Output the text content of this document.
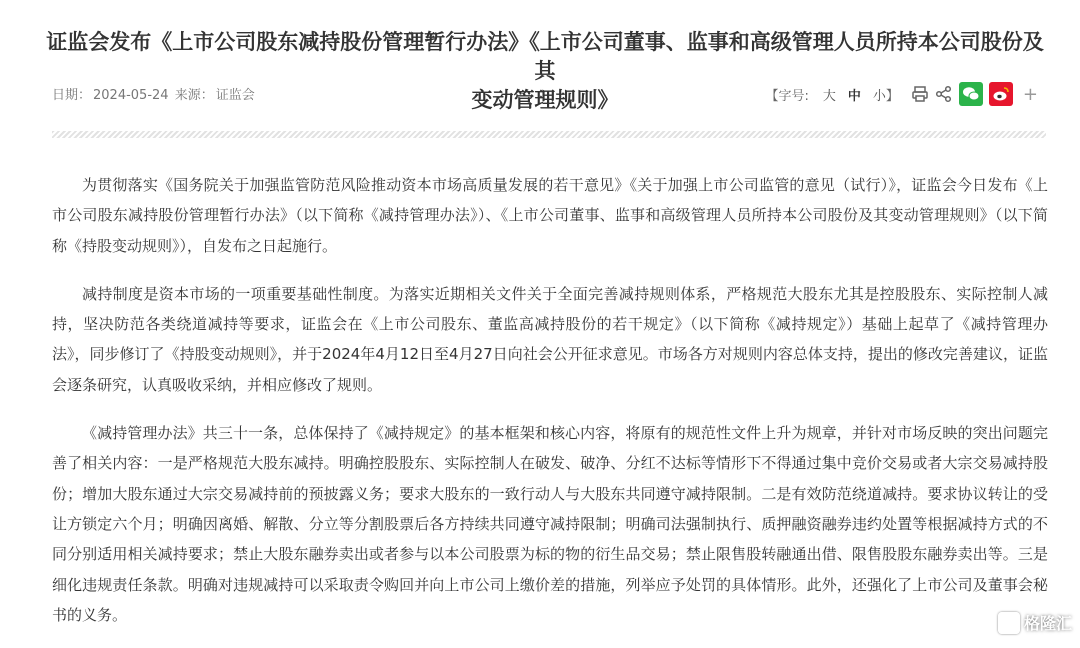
证监会发布《上市公司股东减持股份管理暂行办法》《上市公司董事、监事和高级管理人员所持本公司股份及其
变动管理规则》
日期： 2024-05-24 来源： 证监会	【字号: 大 中 小 】	+

为贯彻落实《国务院关于加强监管防范风险推动资本市场高质量发展的若干意见》《关于加强上市公司监管的意见（试行）》，证监会今日发布《上市公司股东减持股份管理暂行办法》（以下简称《减持管理办法》）、《上市公司董事、监事和高级管理人员所持本公司股份及其变动管理规则》（以下简称《持股变动规则》），自发布之日起施行。

减持制度是资本市场的一项重要基础性制度。为落实近期相关文件关于全面完善减持规则体系，严格规范大股东尤其是控股股东、实际控制人减持，坚决防范各类绕道减持等要求，证监会在《上市公司股东、董监高减持股份的若干规定》（以下简称《减持规定》）基础上起草了《减持管理办法》，同步修订了《持股变动规则》，并于2024年4月12日至4月27日向社会公开征求意见。市场各方对规则内容总体支持，提出的修改完善建议，证监会逐条研究，认真吸收采纳，并相应修改了规则。

《减持管理办法》共三十一条，总体保持了《减持规定》的基本框架和核心内容，将原有的规范性文件上升为规章，并针对市场反映的突出问题完善了相关内容：一是严格规范大股东减持。明确控股股东、实际控制人在破发、破净、分红不达标等情形下不得通过集中竞价交易或者大宗交易减持股份；增加大股东通过大宗交易减持前的预披露义务；要求大股东的一致行动人与大股东共同遵守减持限制。二是有效防范绕道减持。要求协议转让的受让方锁定六个月；明确因离婚、解散、分立等分割股票后各方持续共同遵守减持限制；明确司法强制执行、质押融资融券违约处置等根据减持方式的不同分别适用相关减持要求；禁止大股东融券卖出或者参与以本公司股票为标的物的衍生品交易；禁止限售股转融通出借、限售股股东融券卖出等。三是细化违规责任条款。明确对违规减持可以采取责令购回并向上市公司上缴价差的措施，列举应予处罚的具体情形。此外，还强化了上市公司及董事会秘书的义务。	格隆汇
